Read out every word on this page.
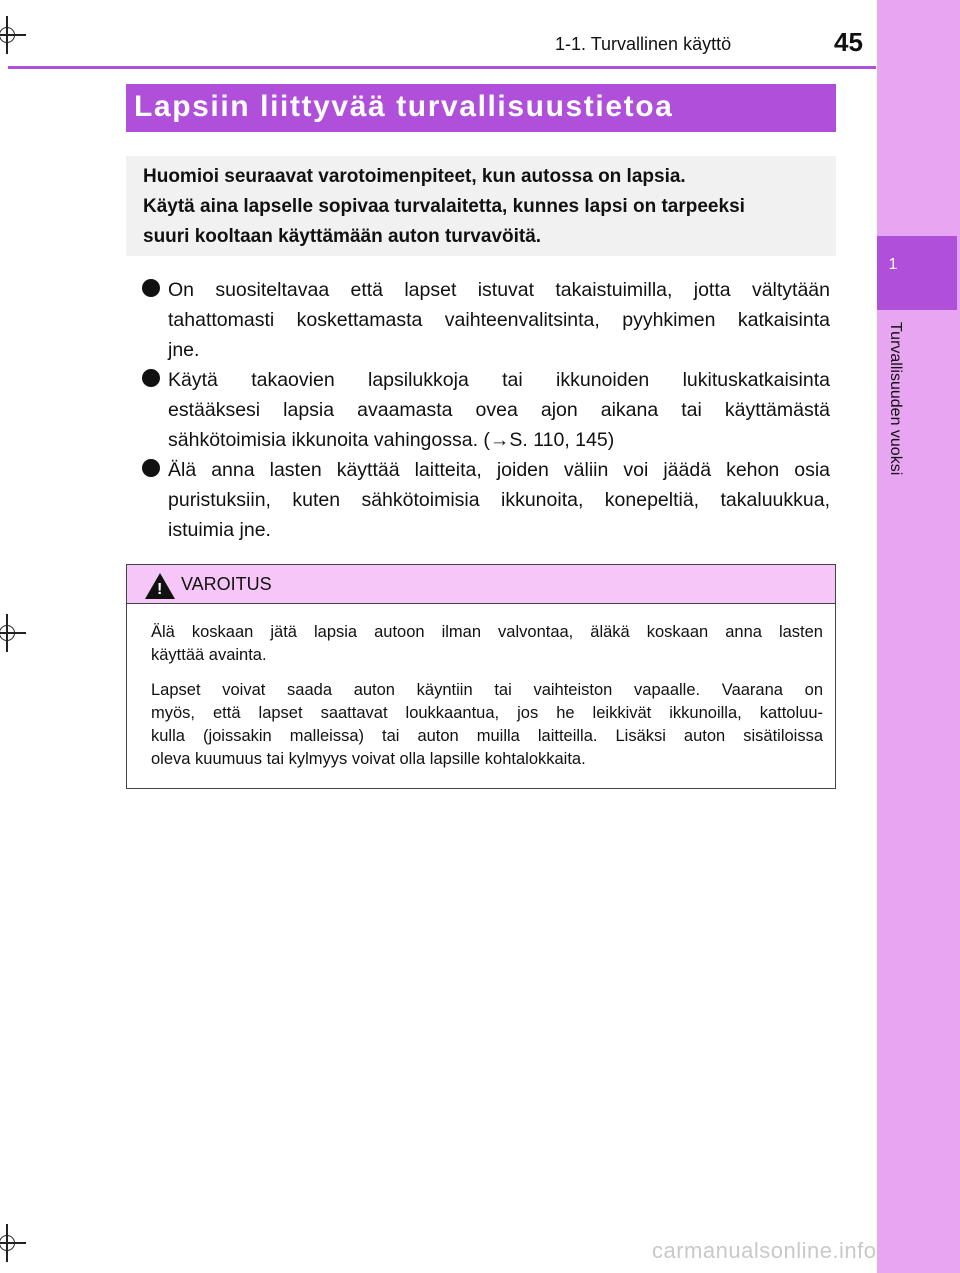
1-1. Turvallinen käyttö	45
1
Turvallisuuden vuoksi
Lapsiin liittyvää turvallisuustietoa

Huomioi seuraavat varotoimenpiteet, kun autossa on lapsia.

Käytä aina lapselle sopivaa turvalaitetta, kunnes lapsi on tarpeeksi

suuri kooltaan käyttämään auton turvavöitä.

On suositeltavaa että lapset istuvat takaistuimilla, jotta vältytään
tahattomasti koskettamasta vaihteenvalitsinta, pyyhkimen katkaisinta
jne.
Käytä takaovien lapsilukkoja tai ikkunoiden lukituskatkaisinta
estääksesi lapsia avaamasta ovea ajon aikana tai käyttämästä
sähkötoimisia ikkunoita vahingossa. (→S. 110, 145)
Älä anna lasten käyttää laitteita, joiden väliin voi jäädä kehon osia
puristuksiin, kuten sähkötoimisia ikkunoita, konepeltiä, takaluukkua,
istuimia jne.
! VAROITUS

Älä koskaan jätä lapsia autoon ilman valvontaa, äläkä koskaan anna lasten
käyttää avainta.

Lapset voivat saada auton käyntiin tai vaihteiston vapaalle. Vaarana on
myös, että lapset saattavat loukkaantua, jos he leikkivät ikkunoilla, kattoluu-
kulla (joissakin malleissa) tai auton muilla laitteilla. Lisäksi auton sisätiloissa
oleva kuumuus tai kylmyys voivat olla lapsille kohtalokkaita.

carmanualsonline.info
